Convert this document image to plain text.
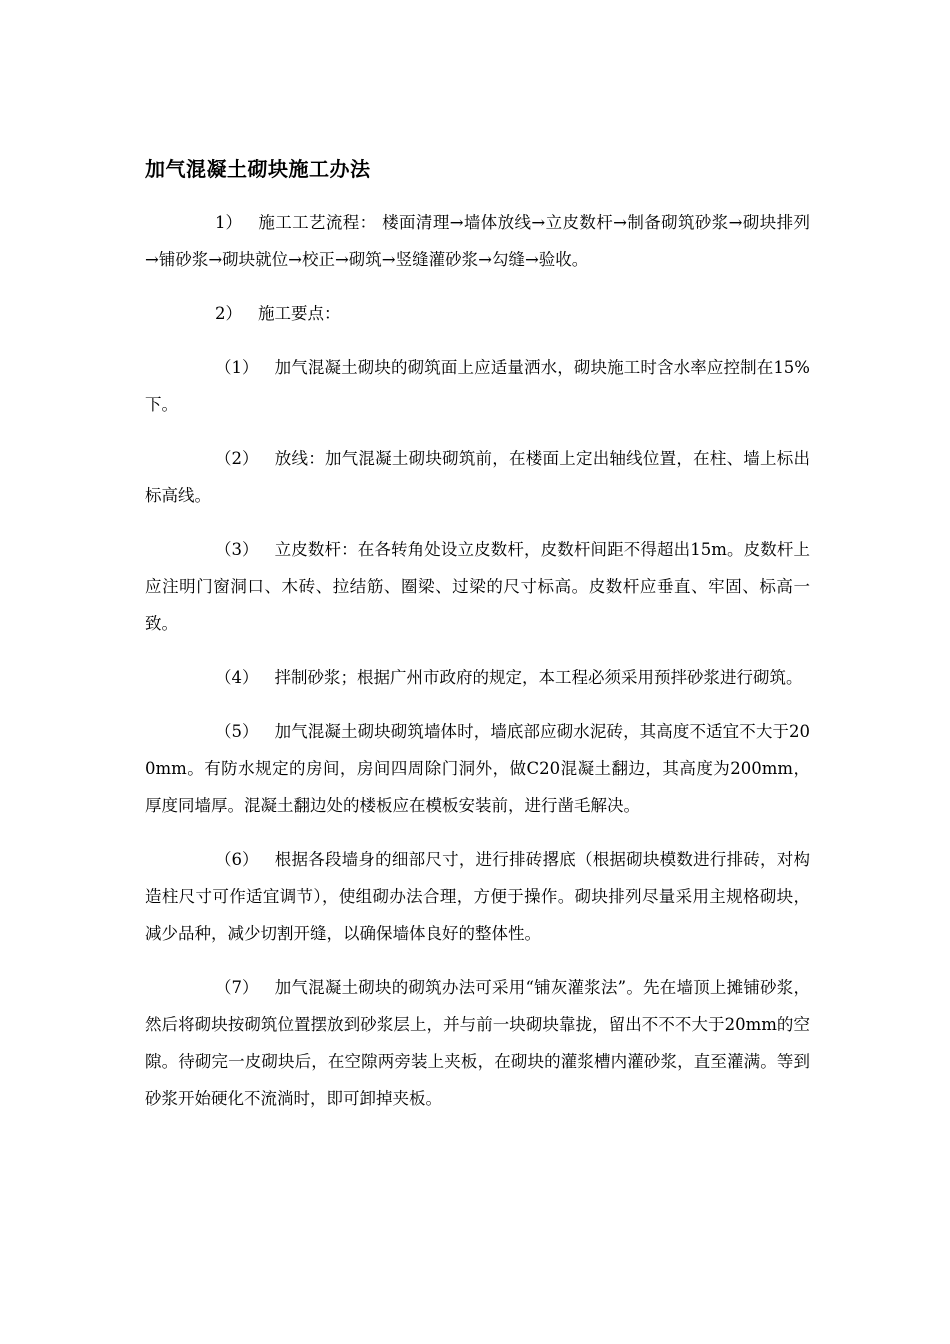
加气混凝土砌块施工办法

1） 施工工艺流程： 楼面清理→墙体放线→立皮数杆→制备砌筑砂浆→砌块排列→铺砂浆→砌块就位→校正→砌筑→竖缝灌砂浆→勾缝→验收。

2） 施工要点：

（1） 加气混凝土砌块的砌筑面上应适量洒水，砌块施工时含水率应控制在15%下。

（2） 放线：加气混凝土砌块砌筑前，在楼面上定出轴线位置，在柱、墙上标出标高线。

（3） 立皮数杆：在各转角处设立皮数杆，皮数杆间距不得超出15m。皮数杆上应注明门窗洞口、木砖、拉结筋、圈梁、过梁的尺寸标高。皮数杆应垂直、牢固、标高一致。

（4） 拌制砂浆；根据广州市政府的规定，本工程必须采用预拌砂浆进行砌筑。

（5） 加气混凝土砌块砌筑墙体时，墙底部应砌水泥砖，其高度不适宜不大于200mm。有防水规定的房间，房间四周除门洞外，做C20混凝土翻边，其高度为200mm，厚度同墙厚。混凝土翻边处的楼板应在模板安装前，进行凿毛解决。

（6） 根据各段墙身的细部尺寸，进行排砖撂底（根据砌块模数进行排砖，对构造柱尺寸可作适宜调节），使组砌办法合理，方便于操作。砌块排列尽量采用主规格砌块，减少品种，减少切割开缝，以确保墙体良好的整体性。

（7） 加气混凝土砌块的砌筑办法可采用“铺灰灌浆法”。先在墙顶上摊铺砂浆，然后将砌块按砌筑位置摆放到砂浆层上，并与前一块砌块靠拢，留出不不不大于20mm的空隙。待砌完一皮砌块后，在空隙两旁装上夹板，在砌块的灌浆槽内灌砂浆，直至灌满。等到砂浆开始硬化不流淌时，即可卸掉夹板。
